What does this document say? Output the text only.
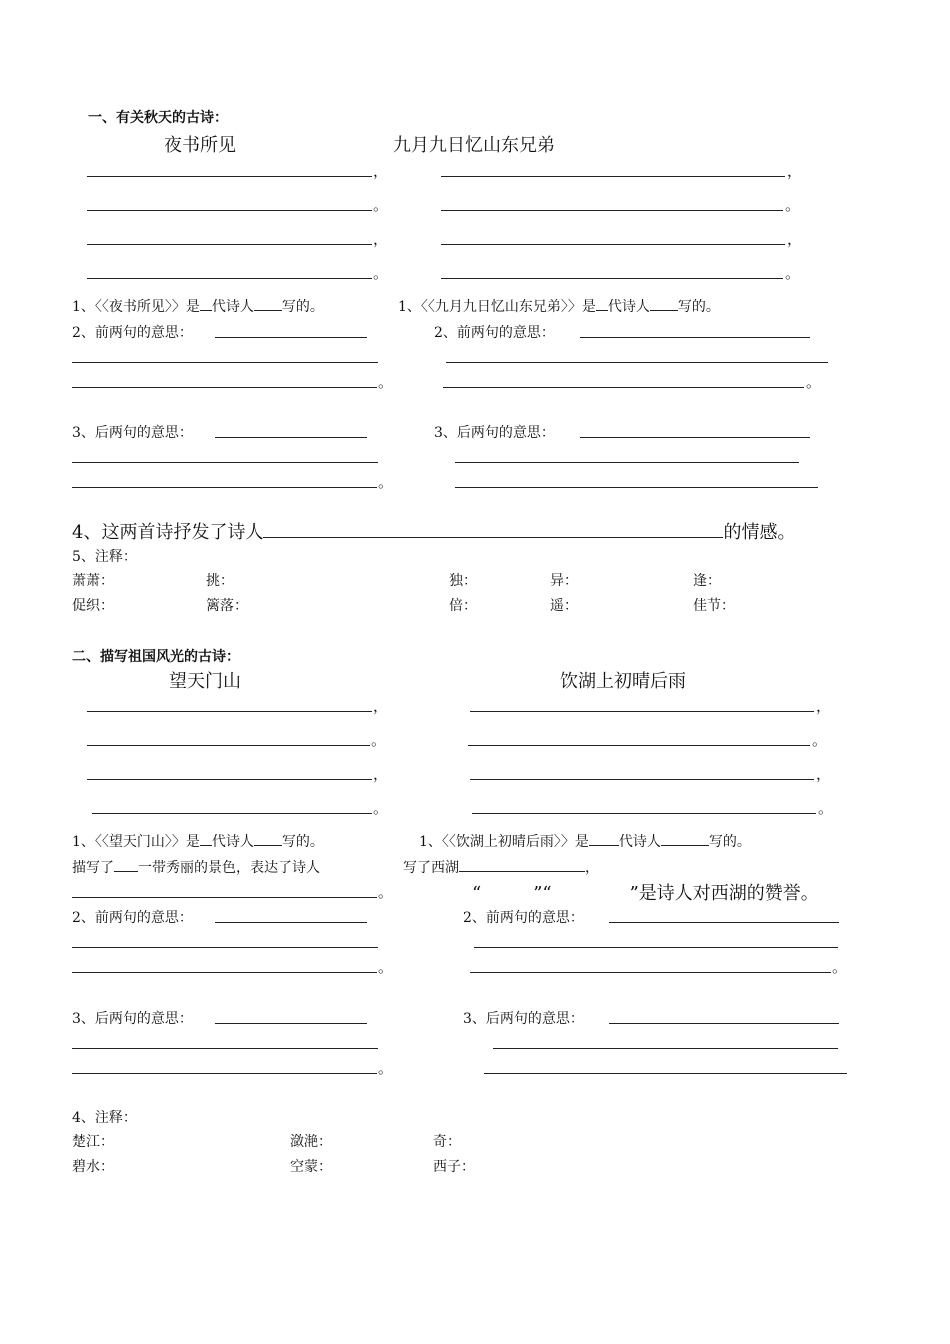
一、有关秋天的古诗：
夜书所见	九月九日忆山东兄弟
，
。
，
。
，
。
，
。
1、〈〈夜书所见〉〉是 代诗人 写的。	1、〈〈九月九日忆山东兄弟〉〉是 代诗人 写的。
2、前两句的意思：
。
2、前两句的意思：
。
3、后两句的意思：
。
3、后两句的意思：
4、这两首诗抒发了诗人	的情感。
5、注释：
萧萧：	挑：	独：	异：	逢：
促织：	篱落：	倍：	遥：	佳节：
二、描写祖国风光的古诗：
望天门山	饮湖上初晴后雨
，
。
，
。
，
。
，
。
1、〈〈望天门山〉〉是 代诗人 写的。
描写了 一带秀丽的景色，表达了诗人
。
1、〈〈饮湖上初晴后雨〉〉是 代诗人	写的。
写了西湖	，
“	”“	”是诗人对西湖的赞誉。
2、前两句的意思：
。
2、前两句的意思：
。
3、后两句的意思：
。
3、后两句的意思：
4、注释：
楚江：	潋滟：	奇：
碧水：	空蒙：	西子：
